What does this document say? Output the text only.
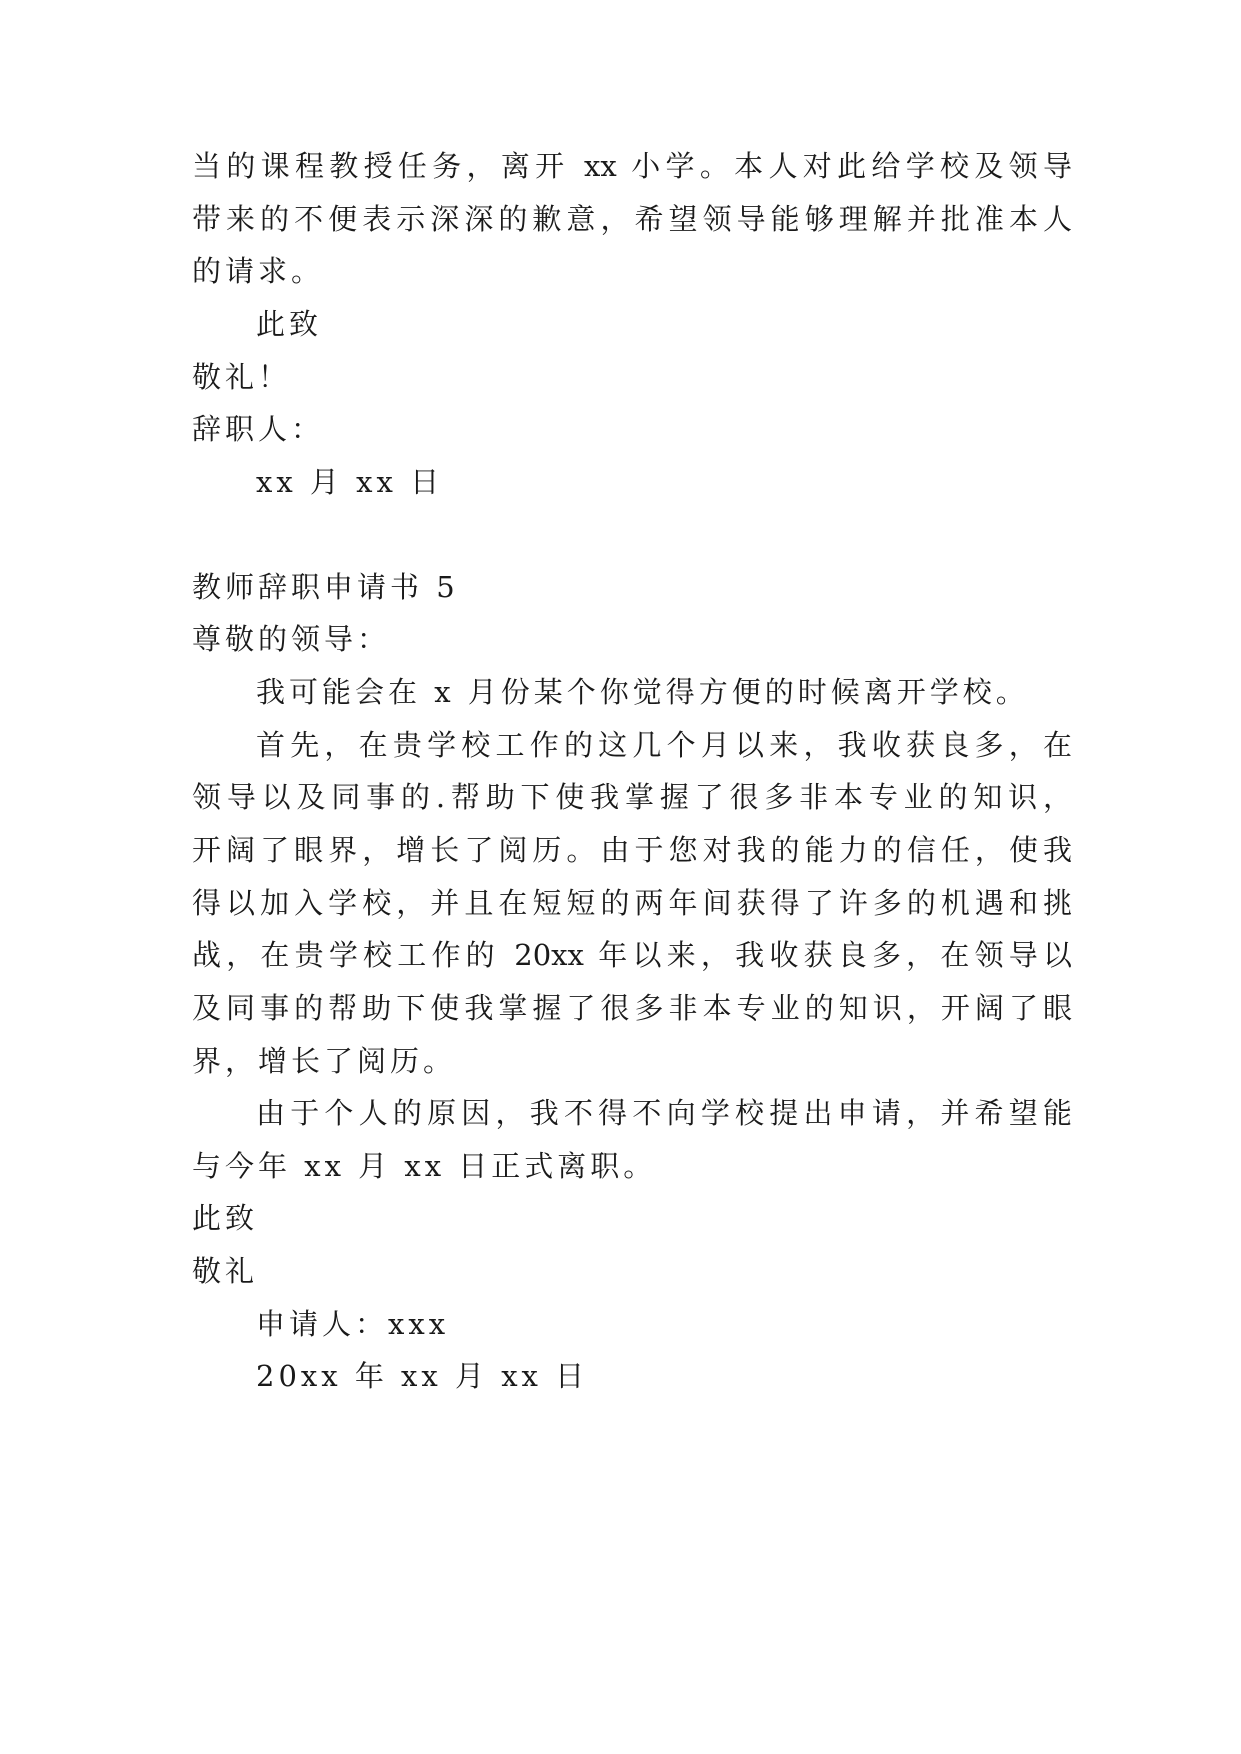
当的课程教授任务，离开 xx 小学。本人对此给学校及领导
带来的不便表示深深的歉意，希望领导能够理解并批准本人
的请求。
此致
敬礼！
辞职人：
xx 月 xx 日
教师辞职申请书 5
尊敬的领导：
我可能会在 x 月份某个你觉得方便的时候离开学校。
首先，在贵学校工作的这几个月以来，我收获良多，在
领导以及同事的.帮助下使我掌握了很多非本专业的知识，
开阔了眼界，增长了阅历。由于您对我的能力的信任，使我
得以加入学校，并且在短短的两年间获得了许多的机遇和挑
战，在贵学校工作的 20xx 年以来，我收获良多，在领导以
及同事的帮助下使我掌握了很多非本专业的知识，开阔了眼
界，增长了阅历。
由于个人的原因，我不得不向学校提出申请，并希望能
与今年 xx 月 xx 日正式离职。
此致
敬礼
申请人：xxx
20xx 年 xx 月 xx 日
